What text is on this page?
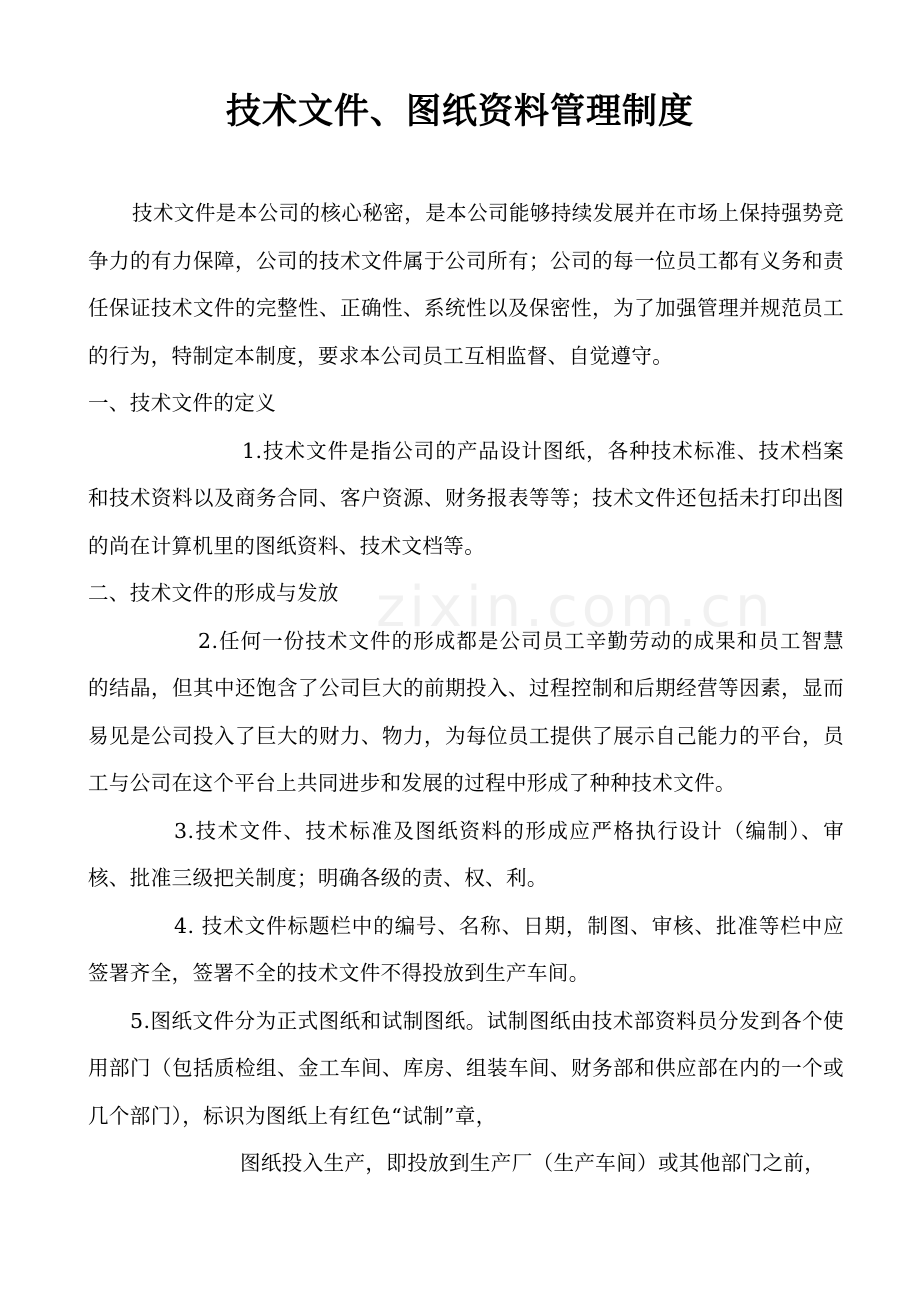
技术文件、图纸资料管理制度
zixin.com.cn

技术文件是本公司的核心秘密，是本公司能够持续发展并在市场上保持强势竞争力的有力保障，公司的技术文件属于公司所有；公司的每一位员工都有义务和责任保证技术文件的完整性、正确性、系统性以及保密性，为了加强管理并规范员工的行为，特制定本制度，要求本公司员工互相监督、自觉遵守。

一、技术文件的定义

1.技术文件是指公司的产品设计图纸，各种技术标准、技术档案和技术资料以及商务合同、客户资源、财务报表等等；技术文件还包括未打印出图的尚在计算机里的图纸资料、技术文档等。

二、技术文件的形成与发放

2.任何一份技术文件的形成都是公司员工辛勤劳动的成果和员工智慧的结晶，但其中还饱含了公司巨大的前期投入、过程控制和后期经营等因素，显而易见是公司投入了巨大的财力、物力，为每位员工提供了展示自己能力的平台，员工与公司在这个平台上共同进步和发展的过程中形成了种种技术文件。

3.技术文件、技术标准及图纸资料的形成应严格执行设计（编制）、审核、批准三级把关制度；明确各级的责、权、利。

4. 技术文件标题栏中的编号、名称、日期，制图、审核、批准等栏中应签署齐全，签署不全的技术文件不得投放到生产车间。

5.图纸文件分为正式图纸和试制图纸。试制图纸由技术部资料员分发到各个使用部门（包括质检组、金工车间、库房、组装车间、财务部和供应部在内的一个或几个部门），标识为图纸上有红色“试制”章，

图纸投入生产，即投放到生产厂（生产车间）或其他部门之前，
